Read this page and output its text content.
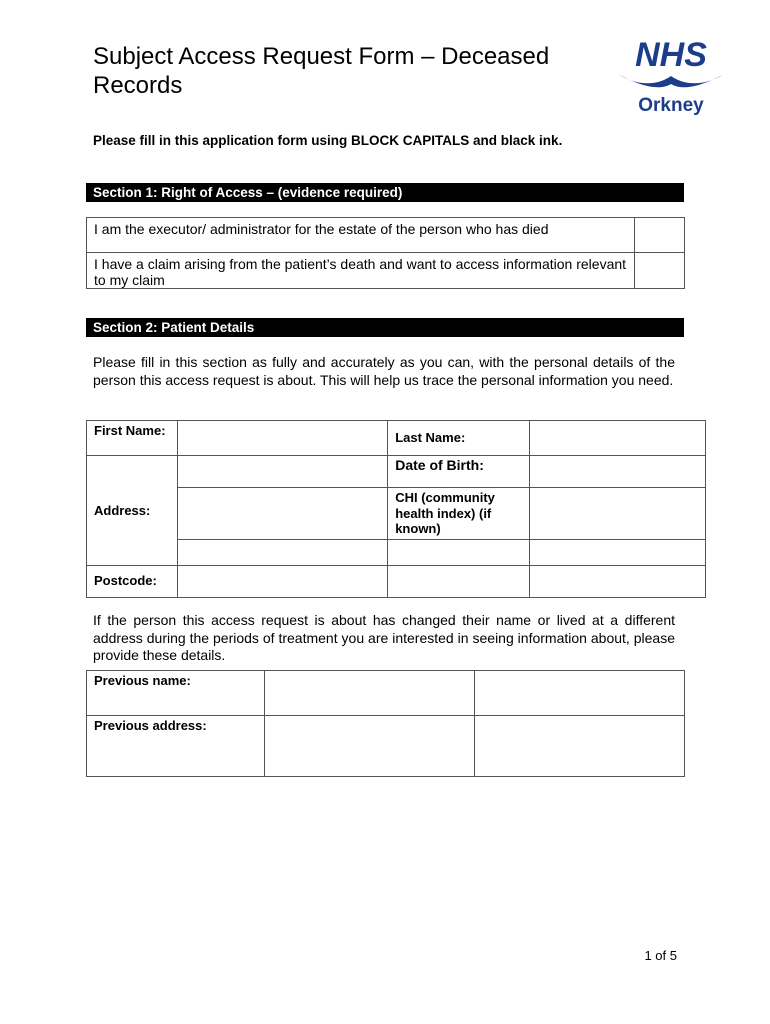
Subject Access Request Form – Deceased Records
NHS
Orkney
Please fill in this application form using BLOCK CAPITALS and black ink.
Section 1: Right of Access – (evidence required)
I am the executor/ administrator for the estate of the person who has died	
I have a claim arising from the patient’s death and want to access information relevant to my claim	
Section 2: Patient Details
Please fill in this section as fully and accurately as you can, with the personal details of the person this access request is about. This will help us trace the personal information you need.
First Name:		Last Name:	
Address:		Date of Birth:	
		CHI (community health index) (if known)	

Postcode:			
If the person this access request is about has changed their name or lived at a different address during the periods of treatment you are interested in seeing information about, please provide these details.
Previous name:		
Previous address:		
1 of 5
